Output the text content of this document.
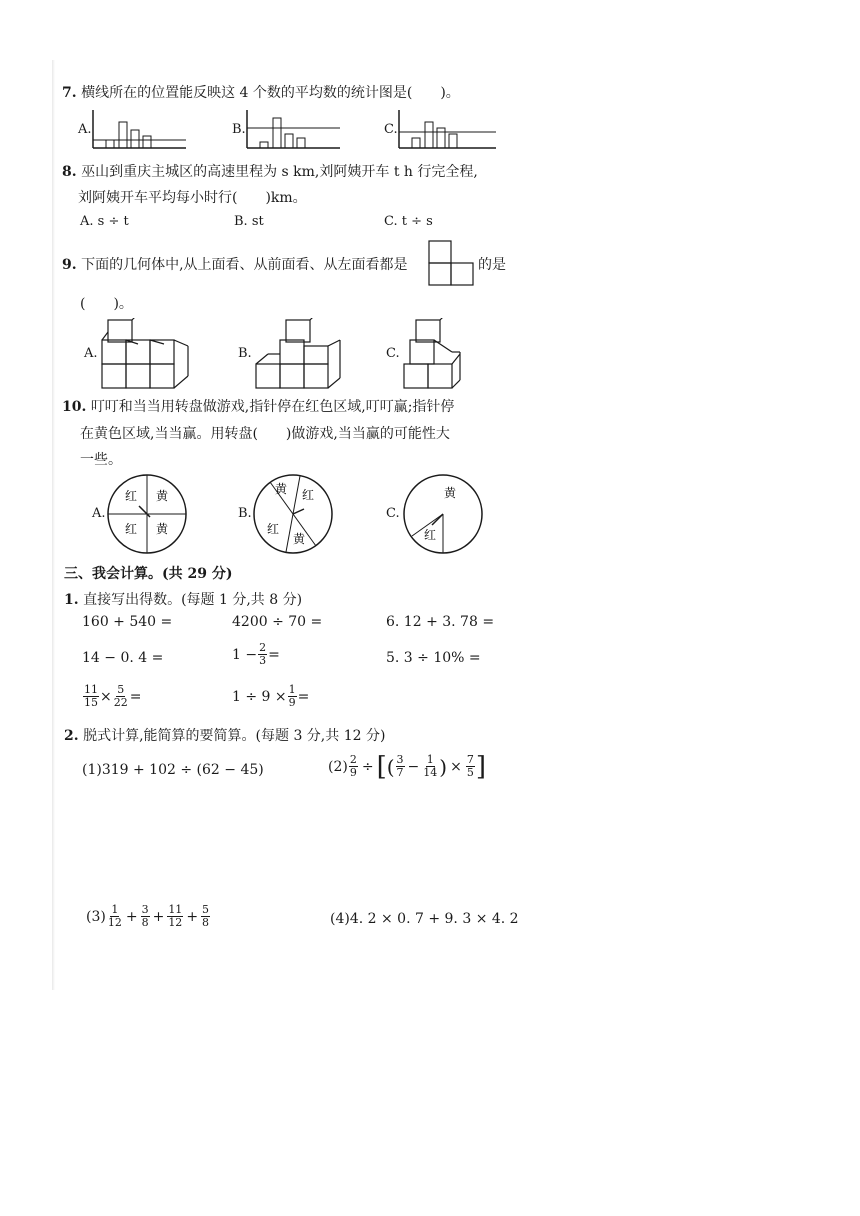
7. 横线所在的位置能反映这 4 个数的平均数的统计图是(　　)。
A.	B.	C.
8. 巫山到重庆主城区的高速里程为 s km,刘阿姨开车 t h 行完全程,
刘阿姨开车平均每小时行(　　)km。
A. s ÷ t	B. st	C. t ÷ s
9. 下面的几何体中,从上面看、从前面看、从左面看都是	的是
(　　)。
A.	B.	C.
10. 叮叮和当当用转盘做游戏,指针停在红色区域,叮叮赢;指针停
在黄色区域,当当赢。用转盘(　　)做游戏,当当赢的可能性大
一些。
A.
红 黄
红 黄
B.
黄 红
红
黄
C.
黄
红
三、我会计算。(共 29 分)
1. 直接写出得数。(每题 1 分,共 8 分)
160 + 540 =	4200 ÷ 70 =	6. 12 + 3. 78 =
14 − 0. 4 =	$1 - \frac{2}{3}$ =	5. 3 ÷ 10% =
$\frac{11}{15} \times \frac{5}{22}$ =	$1 \div 9 \times \frac{1}{9}$ =
2. 脱式计算,能简算的要简算。(每题 3 分,共 12 分)
(1)319 + 102 ÷ (62 − 45)	$(2) \frac{2}{9}$ ÷ [ ( $\frac{3}{7} - \frac{1}{14}$ ) × $\frac{7}{5}$ ]
$(3) \frac{1}{12} + \frac{3}{8} + \frac{11}{12} + \frac{5}{8}$	(4)4. 2 × 0. 7 + 9. 3 × 4. 2
